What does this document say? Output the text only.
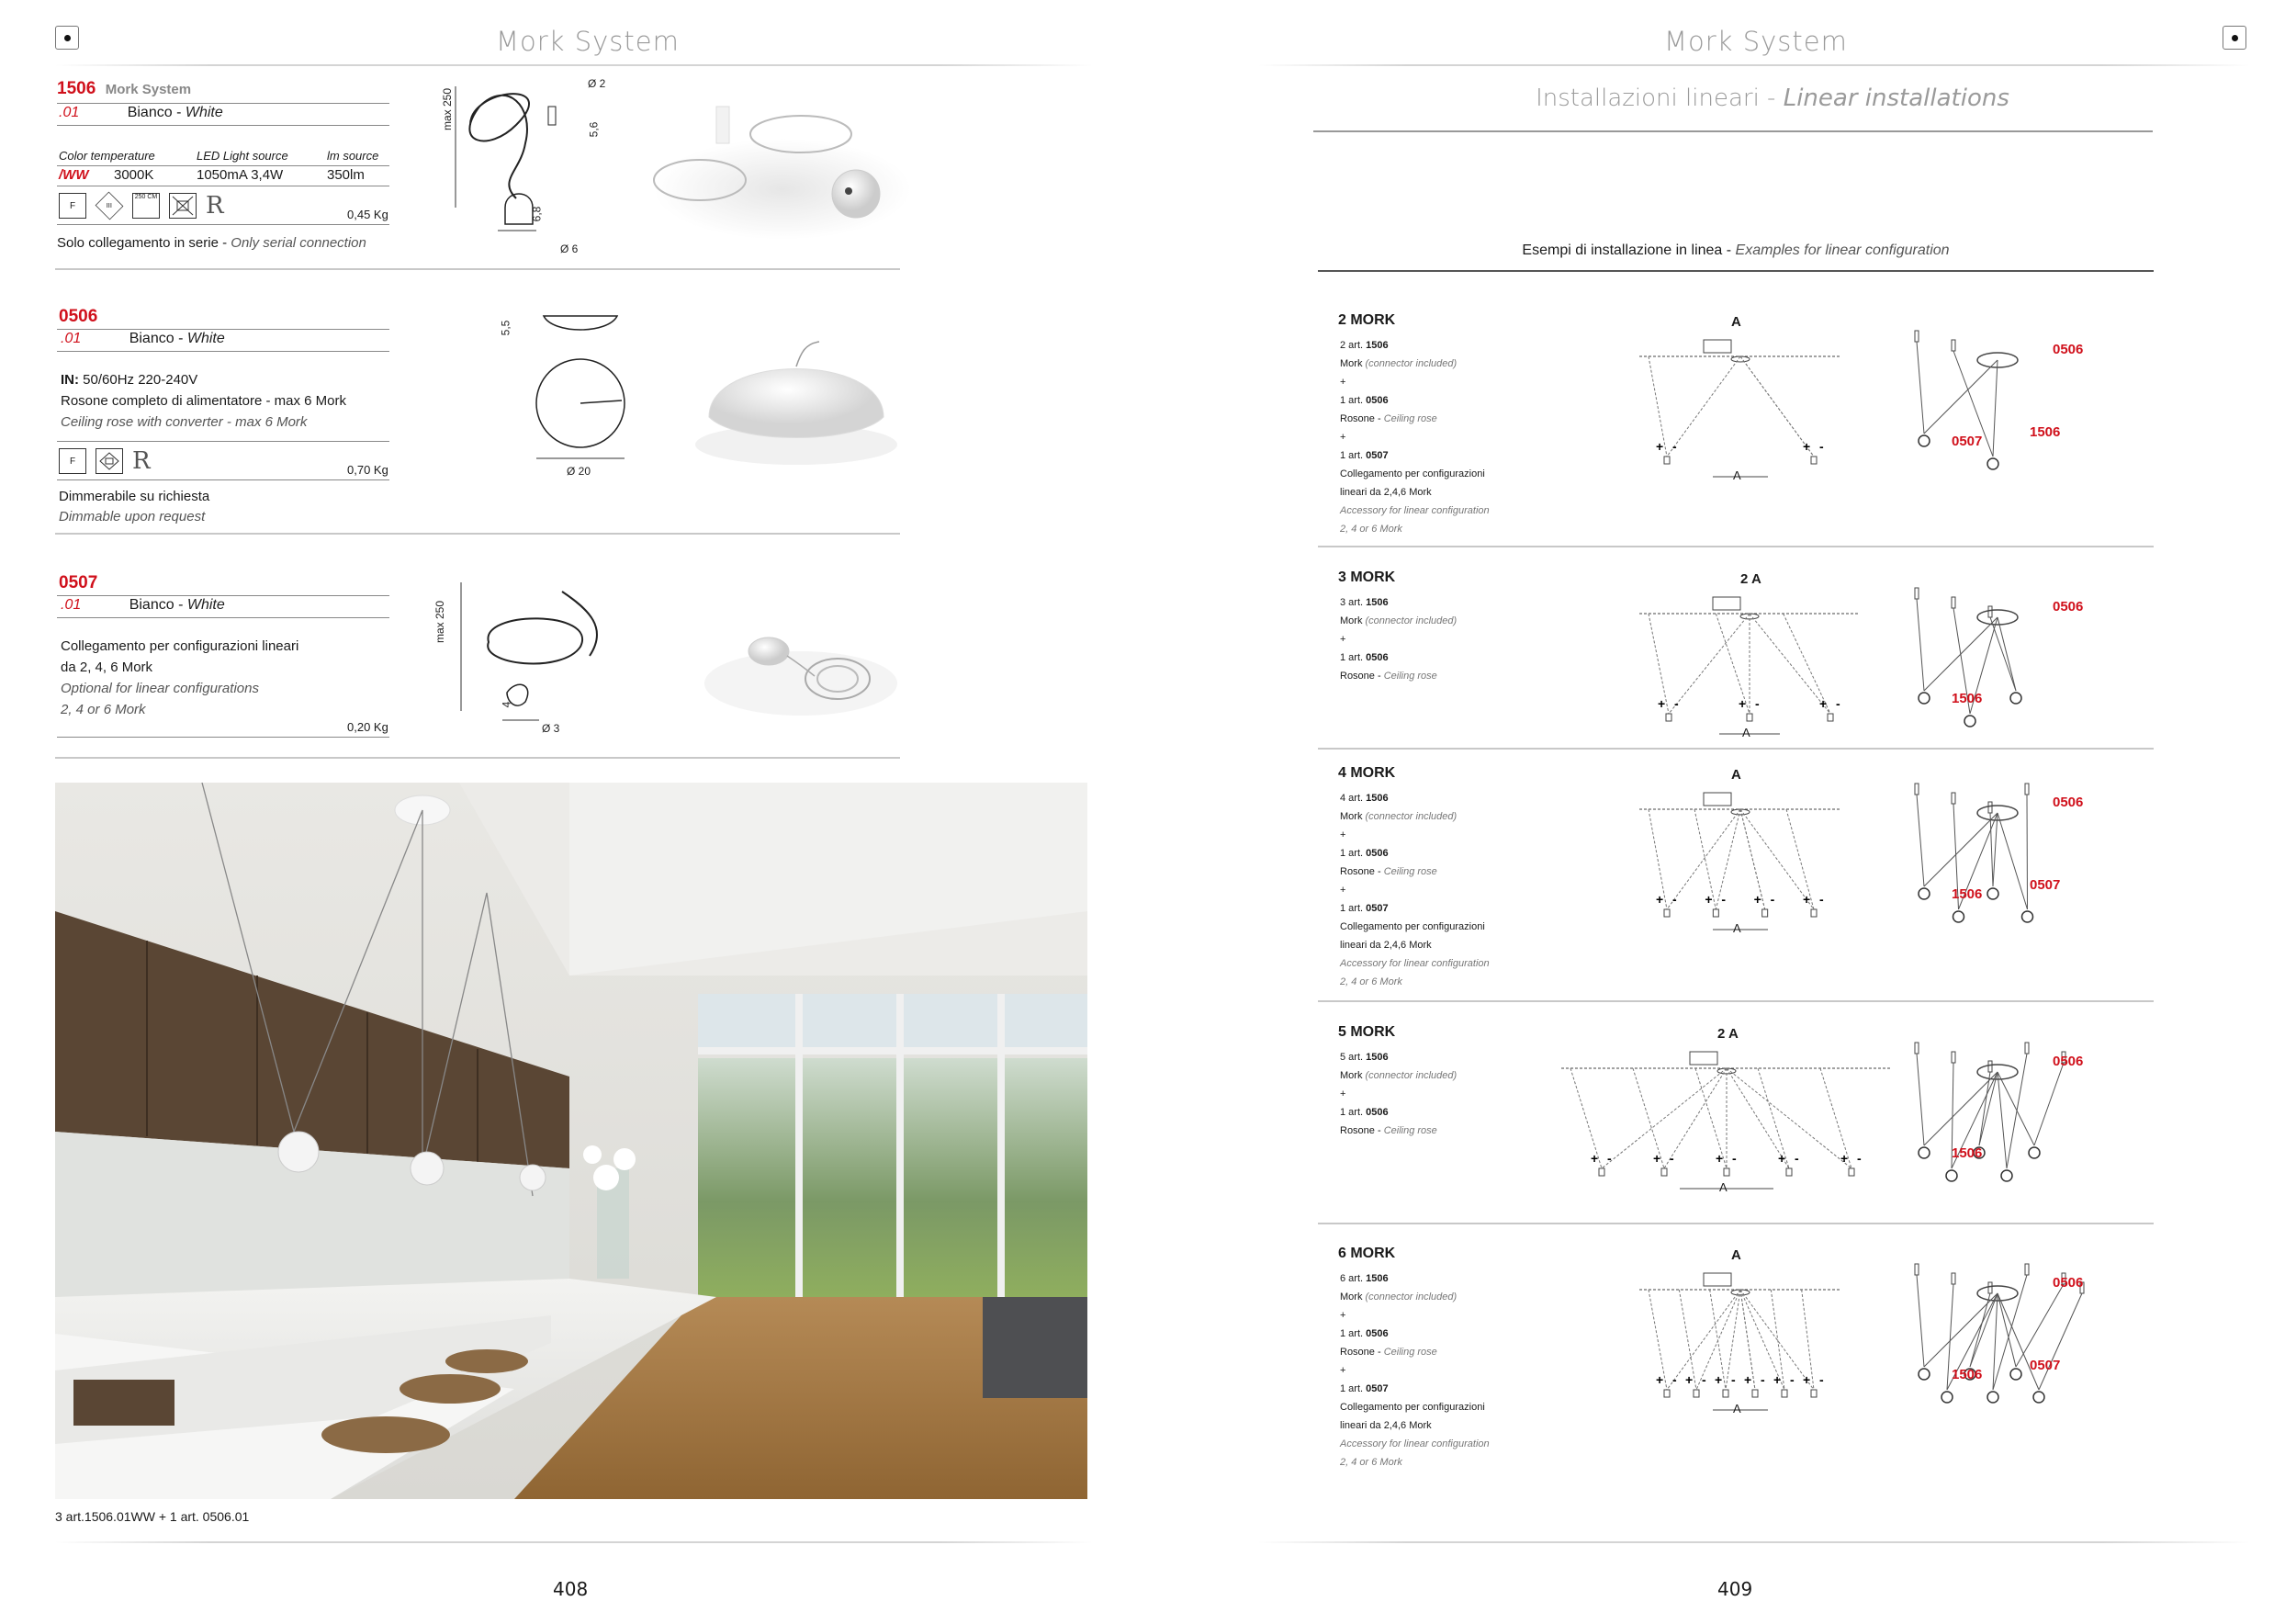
Mork System
1506 Mork System
.01	Bianco - White
Color temperature	LED Light source	lm source
/WW 3000K	1050mA 3,4W	350lm
F	III
250 CM R	0,45 Kg
Solo collegamento in serie - Only serial connection
max 250
Ø 2
5,6
6,8
Ø 6
0506
.01	Bianco - White
IN: 50/60Hz 220-240V
Rosone completo di alimentatore - max 6 Mork
Ceiling rose with converter - max 6 Mork
F	R	0,70 Kg
Dimmerabile su richiesta
Dimmable upon request
5,5
Ø 20
0507
.01	Bianco - White
Collegamento per configurazioni lineari
da 2, 4, 6 Mork
Optional for linear configurations
2, 4 or 6 Mork
0,20 Kg
max 250
4
Ø 3
3 art.1506.01WW + 1 art. 0506.01
408
Mork System
Installazioni lineari - Linear installations
Esempi di installazione in linea - Examples for linear configuration
2 MORK
2 art. 1506
Mork (connector included)
+
1 art. 0506
Rosone - Ceiling rose
+
1 art. 0507
Collegamento per configurazioni
lineari da 2,4,6 Mork
Accessory for linear configuration
2, 4 or 6 Mork
+ -	+ -
A
A
0506
0507
1506
3 MORK
3 art. 1506
Mork (connector included)
+
1 art. 0506
Rosone - Ceiling rose
+ -	+ -	+ -
2 A
A
0506
1506
4 MORK
4 art. 1506
Mork (connector included)
+
1 art. 0506
Rosone - Ceiling rose
+
1 art. 0507
Collegamento per configurazioni
lineari da 2,4,6 Mork
Accessory for linear configuration
2, 4 or 6 Mork
+ - + - + - + -
A
A
0506
1506
0507
5 MORK
5 art. 1506
Mork (connector included)
+
1 art. 0506
Rosone - Ceiling rose
+ -	+ -	+ -	+ -	+ -
2 A
A
0506
1506
6 MORK
6 art. 1506
Mork (connector included)
+
1 art. 0506
Rosone - Ceiling rose
+
1 art. 0507
Collegamento per configurazioni
lineari da 2,4,6 Mork
Accessory for linear configuration
2, 4 or 6 Mork
+ - + - + - + - + - + -
A
A
0506
1506
0507
409
